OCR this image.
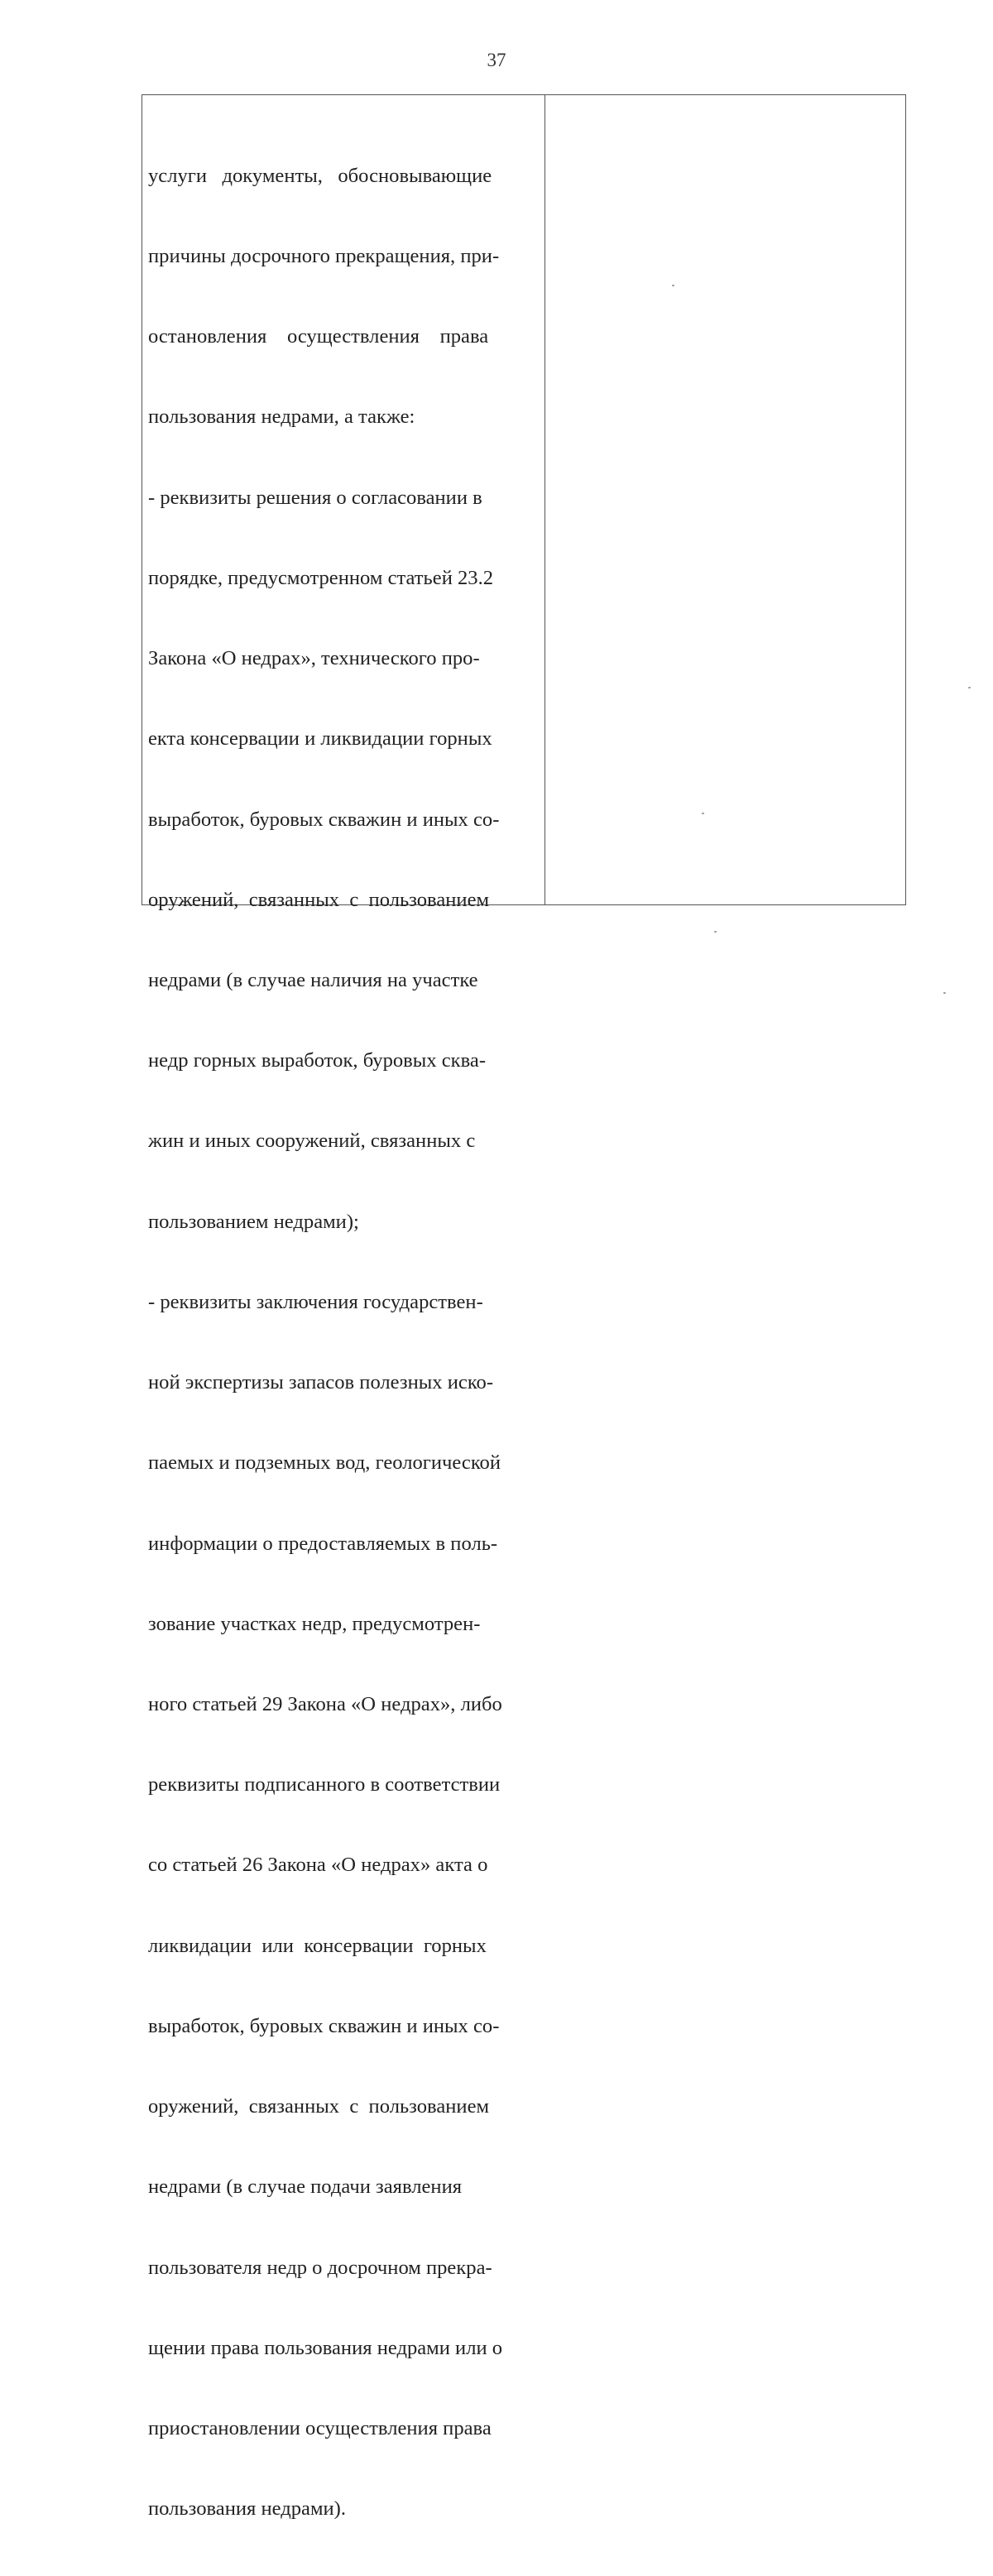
37

услуги   документы,   обосновывающие

причины досрочного прекращения, при-

остановления    осуществления    права

пользования недрами, а также:

- реквизиты решения о согласовании в

порядке, предусмотренном статьей 23.2

Закона «О недрах», технического про-

екта консервации и ликвидации горных

выработок, буровых скважин и иных со-

оружений,  связанных  с  пользованием

недрами (в случае наличия на участке

недр горных выработок, буровых сква-

жин и иных сооружений, связанных с

пользованием недрами);

- реквизиты заключения государствен-

ной экспертизы запасов полезных иско-

паемых и подземных вод, геологической

информации о предоставляемых в поль-

зование участках недр, предусмотрен-

ного статьей 29 Закона «О недрах», либо

реквизиты подписанного в соответствии

со статьей 26 Закона «О недрах» акта о

ликвидации  или  консервации  горных

выработок, буровых скважин и иных со-

оружений,  связанных  с  пользованием

недрами (в случае подачи заявления

пользователя недр о досрочном прекра-

щении права пользования недрами или о

приостановлении осуществления права

пользования недрами).
